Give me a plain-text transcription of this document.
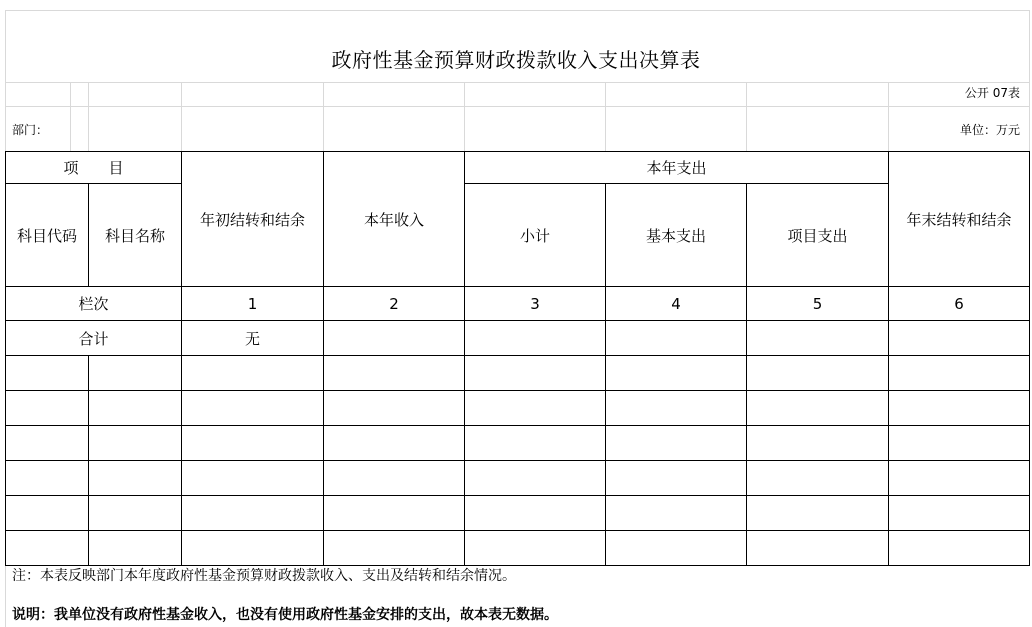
政府性基金预算财政拨款收入支出决算表
公开 07表
部门：	单位：万元
项　　目		年初结转和结余	本年收入	本年支出			年末结转和结余
科目代码	科目名称			小计	基本支出	项目支出	
栏次		1	2	3	4	5	6
合计		无					

注：本表反映部门本年度政府性基金预算财政拨款收入、支出及结转和结余情况。
说明：我单位没有政府性基金收入，也没有使用政府性基金安排的支出，故本表无数据。
